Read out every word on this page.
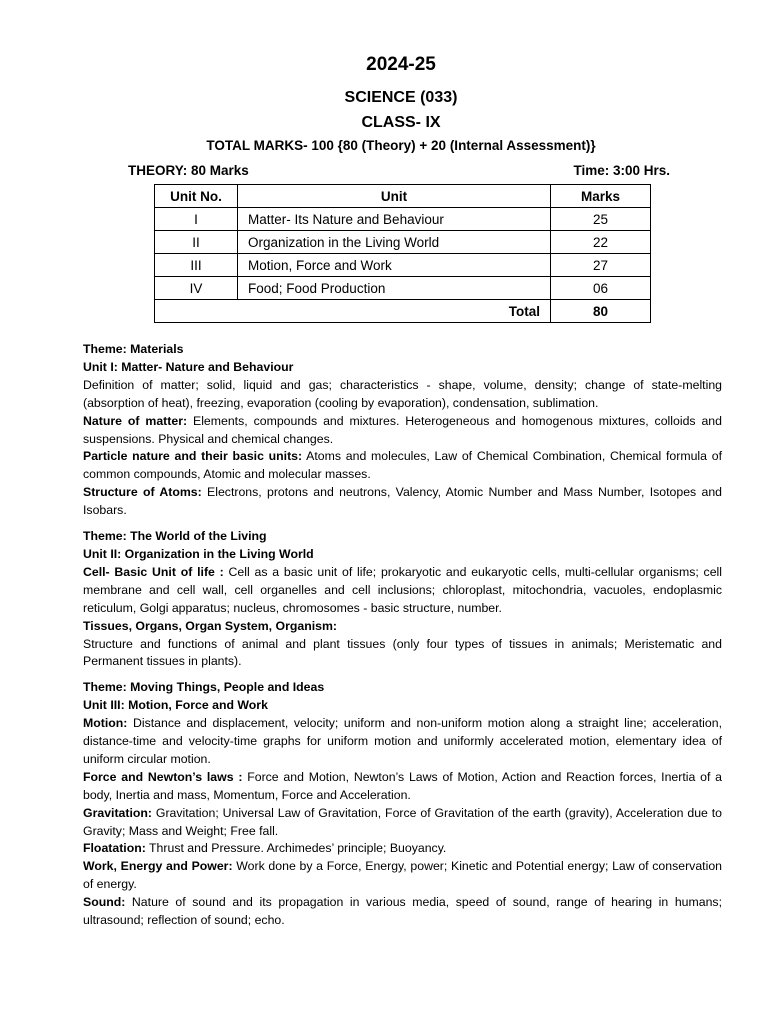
2024-25
SCIENCE (033)
CLASS- IX
TOTAL MARKS- 100 {80 (Theory) + 20 (Internal Assessment)}
THEORY: 80 Marks	Time: 3:00 Hrs.
Unit No.	Unit	Marks
I	Matter- Its Nature and Behaviour	25
II	Organization in the Living World	22
III	Motion, Force and Work	27
IV	Food; Food Production	06
Total		80
Theme: Materials
Unit I: Matter- Nature and Behaviour

Definition of matter; solid, liquid and gas; characteristics - shape, volume, density; change of state-melting (absorption of heat), freezing, evaporation (cooling by evaporation), condensation, sublimation.

Nature of matter: Elements, compounds and mixtures. Heterogeneous and homogenous mixtures, colloids and suspensions. Physical and chemical changes.

Particle nature and their basic units: Atoms and molecules, Law of Chemical Combination, Chemical formula of common compounds, Atomic and molecular masses.

Structure of Atoms: Electrons, protons and neutrons, Valency, Atomic Number and Mass Number, Isotopes and Isobars.

Theme: The World of the Living
Unit II: Organization in the Living World

Cell- Basic Unit of life : Cell as a basic unit of life; prokaryotic and eukaryotic cells, multi-cellular organisms; cell membrane and cell wall, cell organelles and cell inclusions; chloroplast, mitochondria, vacuoles, endoplasmic reticulum, Golgi apparatus; nucleus, chromosomes - basic structure, number.

Tissues, Organs, Organ System, Organism:

Structure and functions of animal and plant tissues (only four types of tissues in animals; Meristematic and Permanent tissues in plants).

Theme: Moving Things, People and Ideas
Unit III: Motion, Force and Work

Motion: Distance and displacement, velocity; uniform and non-uniform motion along a straight line; acceleration, distance-time and velocity-time graphs for uniform motion and uniformly accelerated motion, elementary idea of uniform circular motion.

Force and Newton’s laws : Force and Motion, Newton’s Laws of Motion, Action and Reaction forces, Inertia of a body, Inertia and mass, Momentum, Force and Acceleration.

Gravitation: Gravitation; Universal Law of Gravitation, Force of Gravitation of the earth (gravity), Acceleration due to Gravity; Mass and Weight; Free fall.

Floatation: Thrust and Pressure. Archimedes’ principle; Buoyancy.

Work, Energy and Power: Work done by a Force, Energy, power; Kinetic and Potential energy; Law of conservation of energy.

Sound: Nature of sound and its propagation in various media, speed of sound, range of hearing in humans; ultrasound; reflection of sound; echo.
